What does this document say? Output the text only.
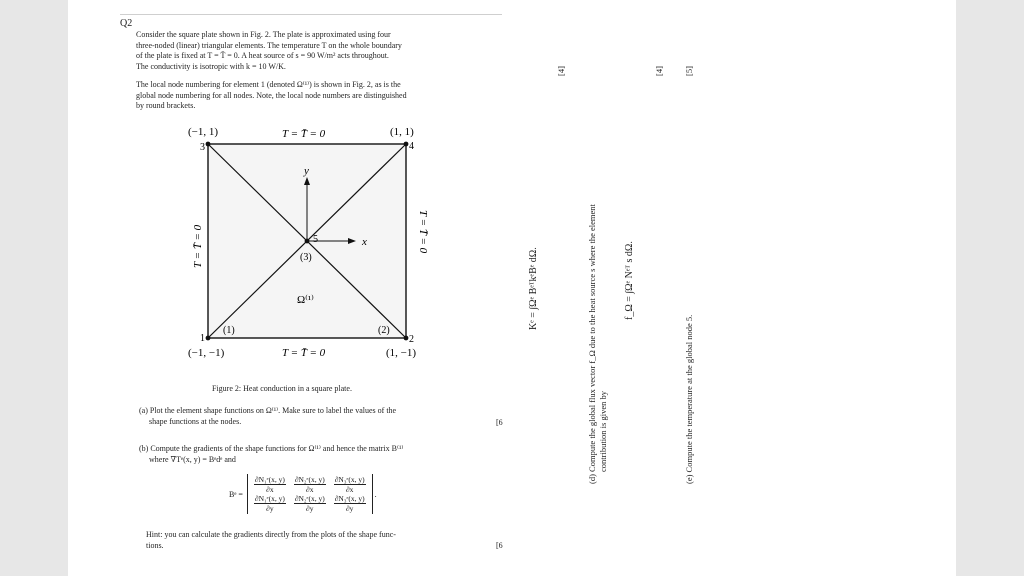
Q2
Consider the square plate shown in Fig. 2. The plate is approximated using four
three-noded (linear) triangular elements. The temperature T on the whole boundary
of the plate is fixed at T = T̄ = 0. A heat source of s = 90 W/m² acts throughout.
The conductivity is isotropic with k = 10 W/K.
The local node numbering for element 1 (denoted Ω⁽¹⁾) is shown in Fig. 2, as is the
global node numbering for all nodes. Note, the local node numbers are distinguished
by round brackets.
(−1, 1)	(1, 1)
(−1, −1)	(1, −1)
T = T̄ = 0
T = T̄ = 0
T = T̄ = 0	T = T̄ = 0
1	2
3	4
5
(1)	(2)
(3)
x
y
Ω⁽¹⁾
Figure 2: Heat conduction in a square plate.
(a) Plot the element shape functions on Ω⁽¹⁾. Make sure to label the values of the
shape functions at the nodes.	[6
(b) Compute the gradients of the shape functions for Ω⁽¹⁾ and hence the matrix B⁽¹⁾
where ∇Tᵉ(x, y) = Bᵉdᵉ and
Bᵉ =	$\frac{\text{∂N₁ᵉ(x, y)}}{\partial x}$	$\frac{\text{∂N₂ᵉ(x, y)}}{\partial x}$	$\frac{\text{∂N₃ᵉ(x, y)}}{\partial x}$

$\frac{\text{∂N₁ᵉ(x, y)}}{\partial y}$	$\frac{\text{∂N₂ᵉ(x, y)}}{\partial y}$	$\frac{\text{∂N₃ᵉ(x, y)}}{\partial y}$
	.
Hint: you can calculate the gradients directly from the plots of the shape func-
tions.	[6
Kᵉ = ∫Ωᵉ BᵉᵀkᵉBᵉ dΩ.
[4]
(d) Compute the global flux vector f_Ω due to the heat source s where the element contribution is given by
f_Ω = ∫Ωᵉ Nᵉᵀ s dΩ.
[4]
(e) Compute the temperature at the global node 5.
[5]
